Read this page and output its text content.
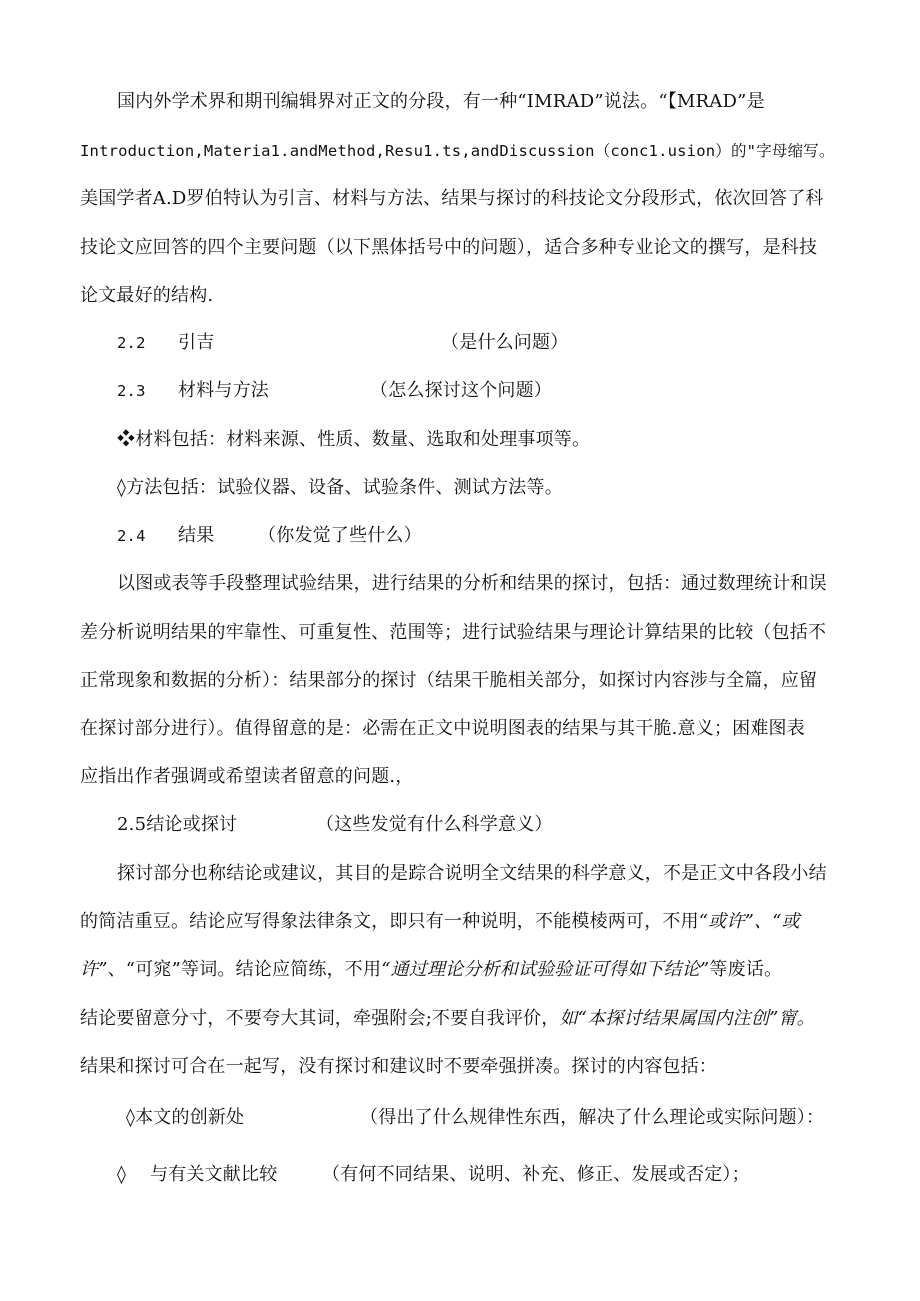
国内外学术界和期刊编辑界对正文的分段，有一种“IMRAD”说法。“【MRAD”是
Introduction,Materia1.andMethod,Resu1.ts,andDiscussion（conc1.usion）的"字母缩写。
美国学者A.D罗伯特认为引言、材料与方法、结果与探讨的科技论文分段形式，依次回答了科
技论文应回答的四个主要问题（以下黑体括号中的问题），适合多种专业论文的撰写，是科技
论文最好的结构.
2.2 引吉	（是什么问题）
2.3 材料与方法	（怎么探讨这个问题）
❖材料包括：材料来源、性质、数量、选取和处理事项等。
◊方法包括：试验仪器、设备、试验条件、测试方法等。
2.4 结果 （你发觉了些什么）
以图或表等手段整理试验结果，进行结果的分析和结果的探讨，包括：通过数理统计和误
差分析说明结果的牢靠性、可重复性、范围等；进行试验结果与理论计算结果的比较（包括不
正常现象和数据的分析）：结果部分的探讨（结果干脆相关部分，如探讨内容涉与全篇，应留
在探讨部分进行）。值得留意的是：必需在正文中说明图表的结果与其干脆.意义；困难图表
应指出作者强调或希望读者留意的问题.，
2.5结论或探讨	（这些发觉有什么科学意义）
探讨部分也称结论或建议，其目的是踪合说明全文结果的科学意义，不是正文中各段小结
的简洁重豆。结论应写得象法律条文，即只有一种说明，不能模棱两可，不用“或许”、“或
许”、“可窕”等词。结论应简练，不用“通过理论分析和试验验证可得如下结论”等废话。
结论要留意分寸，不要夸大其词，牵强附会;不要自我评价，如“本探讨结果属国内注创”甯。
结果和探讨可合在一起写，没有探讨和建议时不要牵强拼凑。探讨的内容包括：
◊本文的创新处	（得出了什么规律性东西，解决了什么理论或实际问题）：
◊ 与有关文献比较 （有何不同结果、说明、补充、修正、发展或否定）；
